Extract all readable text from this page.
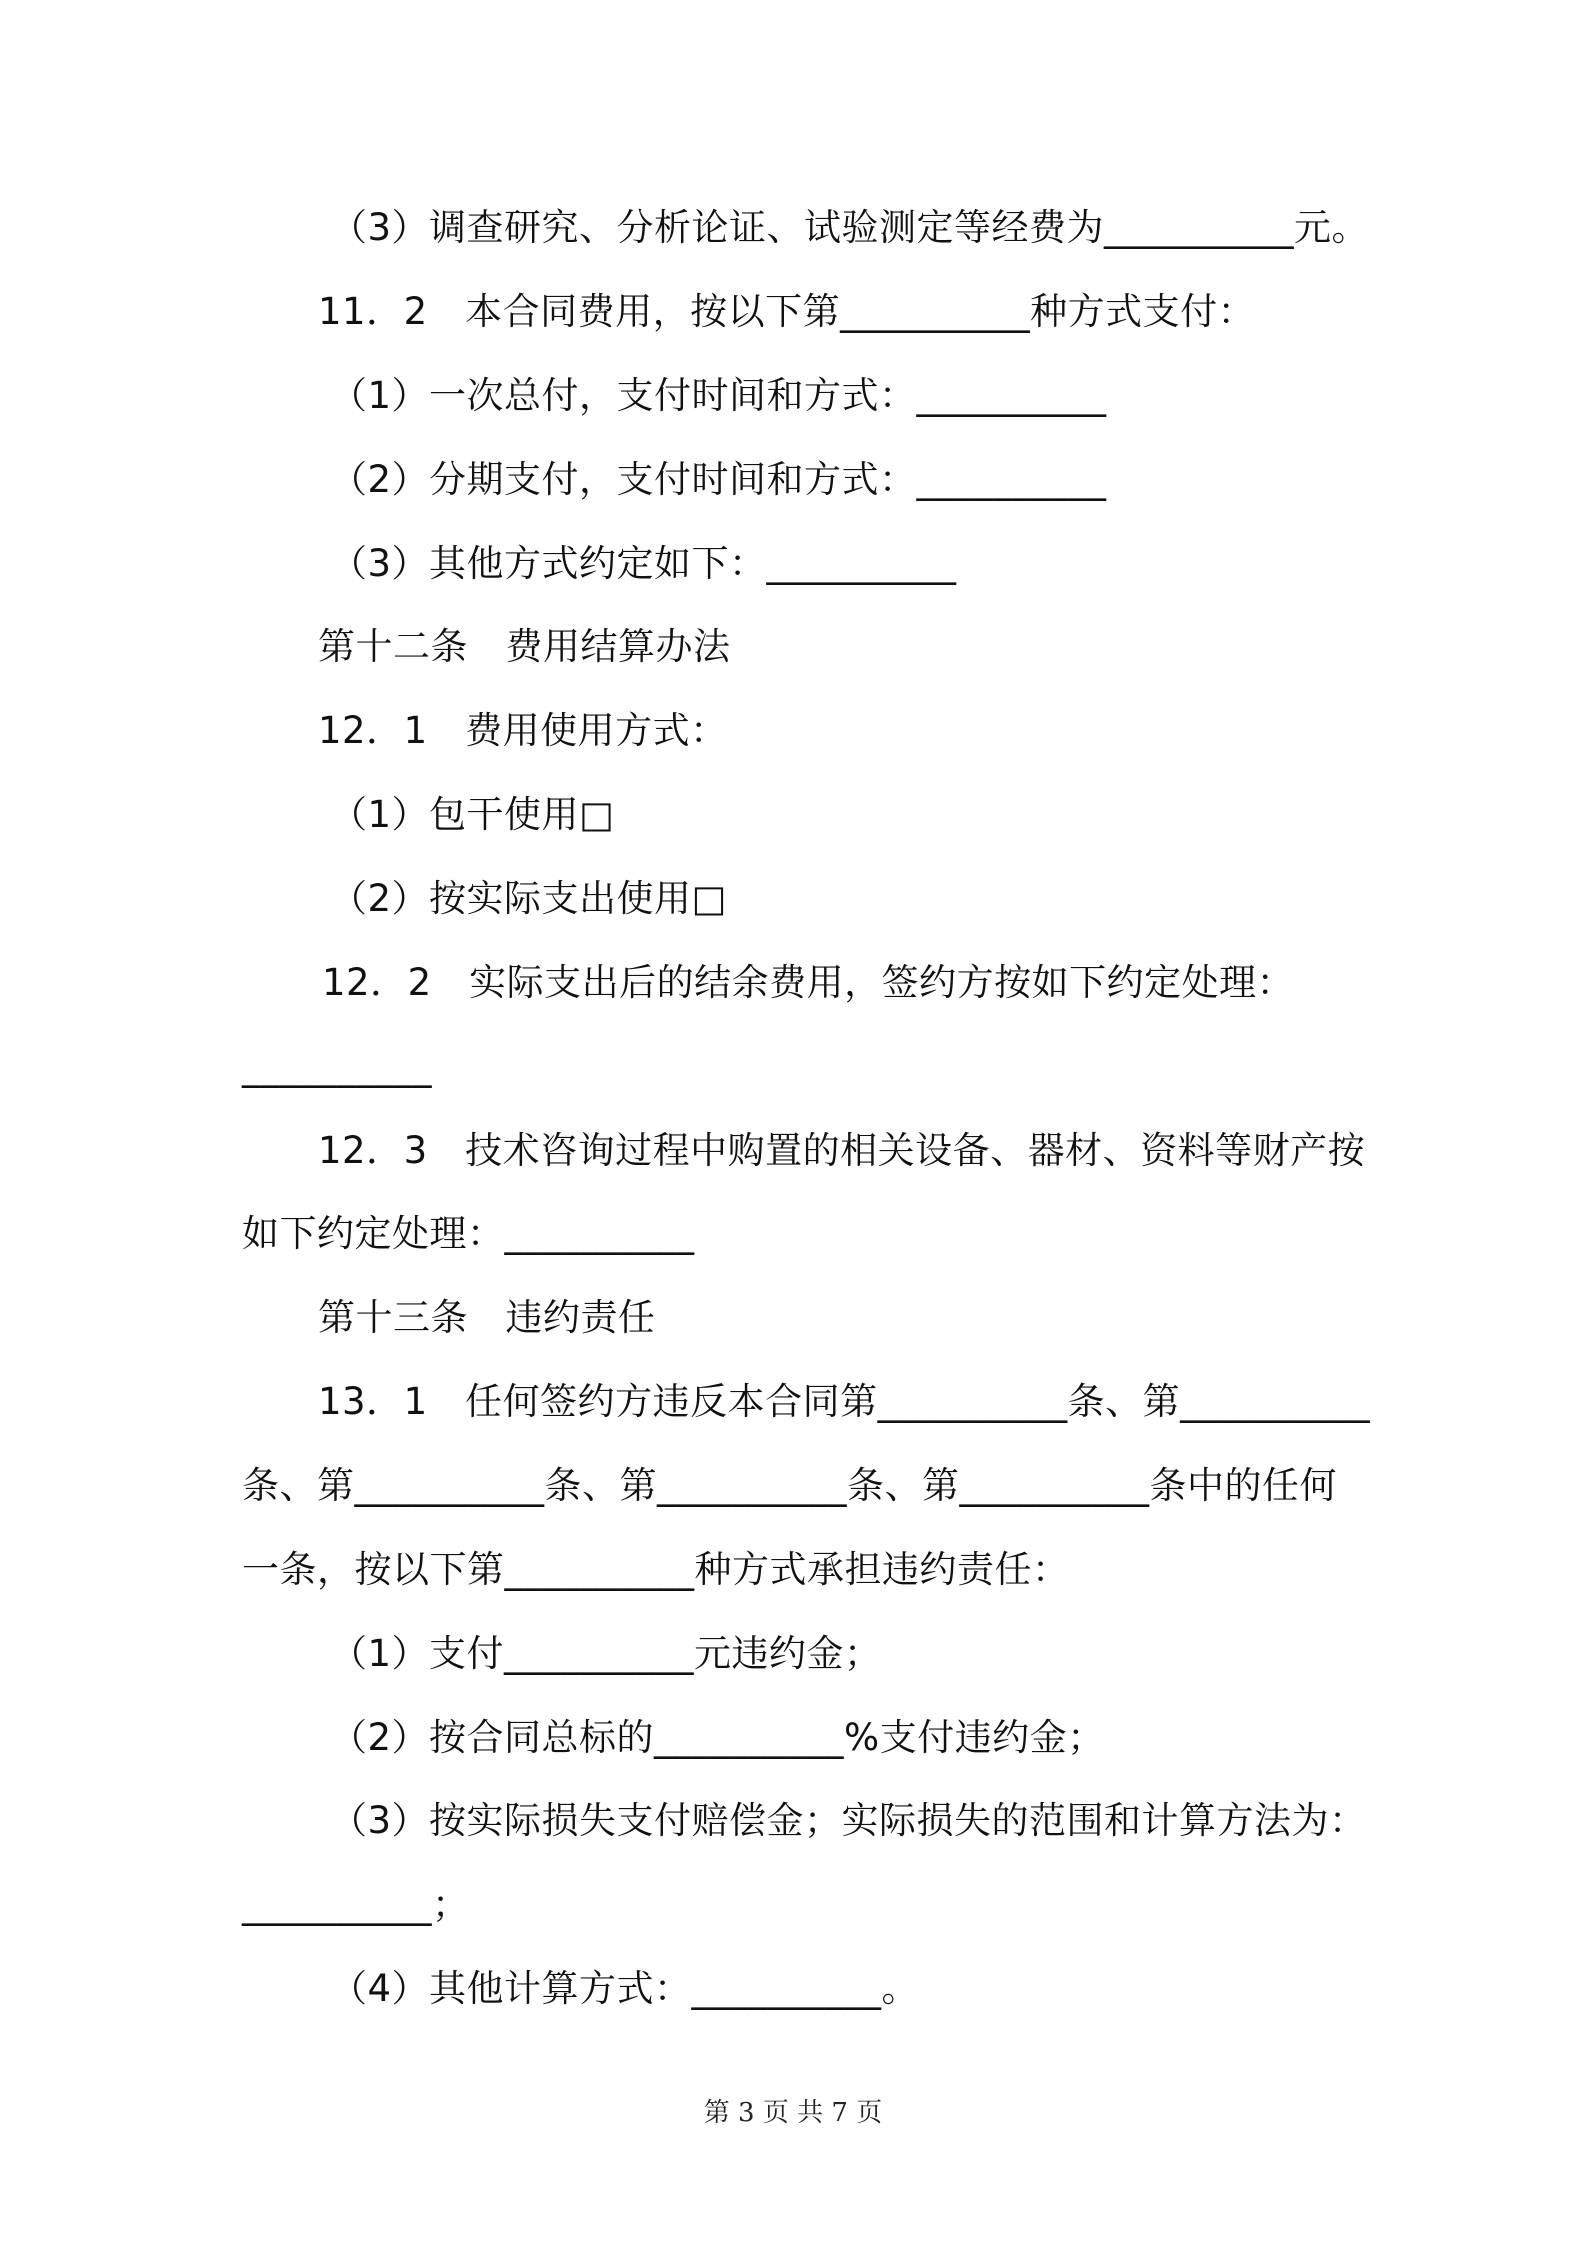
（3）调查研究、分析论证、试验测定等经费为__________元。
11．2　本合同费用，按以下第__________种方式支付：
（1）一次总付，支付时间和方式：__________
（2）分期支付，支付时间和方式：__________
（3）其他方式约定如下：__________
第十二条　费用结算办法
12．1　费用使用方式：
（1）包干使用□
（2）按实际支出使用□
12．2　实际支出后的结余费用，签约方按如下约定处理：
__________
12．3　技术咨询过程中购置的相关设备、器材、资料等财产按
如下约定处理：__________
第十三条　违约责任
13．1　任何签约方违反本合同第__________条、第__________
条、第__________条、第__________条、第__________条中的任何
一条，按以下第__________种方式承担违约责任：
（1）支付__________元违约金；
（2）按合同总标的__________%支付违约金；
（3）按实际损失支付赔偿金；实际损失的范围和计算方法为：
__________；
（4）其他计算方式：__________。
第 3 页 共 7 页
